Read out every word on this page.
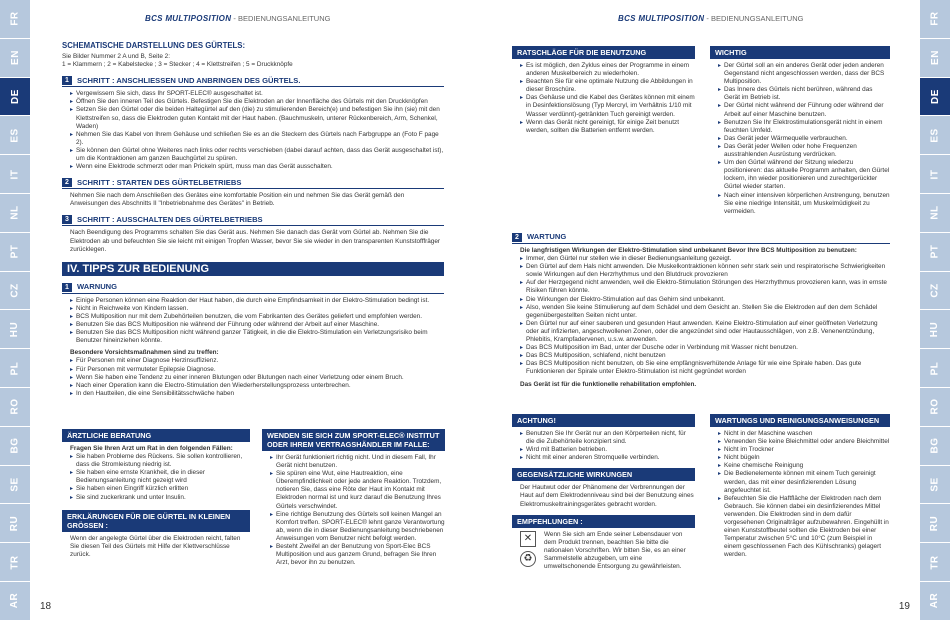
FR
EN
DE
ES
IT
NL
PT
CZ
HU
PL
RO
BG
SE
RU
TR
AR
FR
EN
DE
ES
IT
NL
PT
CZ
HU
PL
RO
BG
SE
RU
TR
AR
BCS MULTIPOSITION - BEDIENUNGSANLEITUNG	BCS MULTIPOSITION - BEDIENUNGSANLEITUNG
18	19
SCHEMATISCHE DARSTELLUNG DES GÜRTELS:
Sie Bilder Nummer 2 A und B, Seite 2:
1 = Klammern ; 2 = Kabelstecke ; 3 = Stecker ; 4 = Klettstreifen ; 5 = Druckknöpfe
1	SCHRITT : ANSCHLIESSEN UND ANBRINGEN DES GÜRTELS.
▸ Vergewissern Sie sich, dass Ihr SPORT-ELEC® ausgeschaltet ist.
▸ Öffnen Sie den inneren Teil des Gürtels. Befestigen Sie die Elektroden an der Innenfläche des Gürtels mit den Druckknöpfen
▸ Setzen Sie den Gürtel oder die beiden Haltegürtel auf den (die) zu stimulierenden Bereich(e) und befestigen Sie ihn (sie) mit den Klettstreifen so, dass die Elektroden guten Kontakt mit der Haut haben. (Bauchmuskeln, unterer Rückenbereich, Arm, Schenkel, Waden)
▸ Nehmen Sie das Kabel von Ihrem Gehäuse und schließen Sie es an die Steckern des Gürtels nach Farbgruppe an (Foto F page 2).
▸ Sie können den Gürtel ohne Weiteres nach links oder rechts verschieben (dabei darauf achten, dass das Gerät ausgeschaltet ist), um die Kontraktionen am ganzen Bauchgürtel zu spüren.
▸ Wenn eine Elektrode schmerzt oder man Prickeln spürt, muss man das Gerät ausschalten.
2	SCHRITT : STARTEN DES GÜRTELBETRIEBS
Nehmen Sie nach dem Anschließen des Gerätes eine komfortable Position ein und nehmen Sie das Gerät gemäß den Anweisungen des Abschnitts II "Inbetriebnahme des Gerätes" in Betrieb.
3	SCHRITT : AUSSCHALTEN DES GÜRTELBETRIEBS
Nach Beendigung des Programms schalten Sie das Gerät aus. Nehmen Sie danach das Gerät vom Gürtel ab. Nehmen Sie die Elektroden ab und befeuchten Sie sie leicht mit einigen Tropfen Wasser, bevor Sie sie wieder in den transparenten Kunststofffräger zurücklegen.
IV. TIPPS ZUR BEDIENUNG
1	WARNUNG
▸ Einige Personen können eine Reaktion der Haut haben, die durch eine Empfindsamkeit in der Elektro-Stimulation bedingt ist.
▸ Nicht in Reichweite von Kindern lassen.
▸ BCS Multiposition nur mit dem Zubehörteilen benutzen, die vom Fabrikanten des Gerätes geliefert und empfohlen werden.
▸ Benutzen Sie das BCS Multiposition nie während der Führung oder während der Arbeit auf einer Maschine.
▸ Benutzen Sie das BCS Multiposition nicht während ganzer Tätigkeit, in die die Elektro-Stimulation ein Verletzungsrisiko beim Benutzer hineinziehen könnte.
Besondere Vorsichtsmaßnahmen sind zu treffen:
▸ Für Personen mit einer Diagnose Herzinsuffizienz.
▸ Für Personen mit vermuteter Epilepsie Diagnose.
▸ Wenn Sie haben eine Tendenz zu einer inneren Blutungen oder Blutungen nach einer Verletzung oder einem Bruch.
▸ Nach einer Operation kann die Electro-Stimulation den Wiederherstellungsprozess unterbrechen.
▸ In den Hautteilen, die eine Sensibilitätsschwäche haben
ÄRZTLICHE BERATUNG
Fragen Sie Ihren Arzt um Rat in den folgenden Fällen:
▸ Sie haben Probleme des Rückens. Sie sollen kontrollieren, dass die Stromleistung niedrig ist.
▸ Sie haben eine ernste Krankheit, die in dieser Bedienungsanleitung nicht gezeigt wird
▸ Sie haben einen Eingriff kürzlich erlitten
▸ Sie sind zuckerkrank und unter Insulin.
ERKLÄRUNGEN FÜR DIE GÜRTEL IN KLEINEN GRÖSSEN :
Wenn der angelegte Gürtel über die Elektroden reicht, falten Sie diesen Teil des Gürtels mit Hilfe der Klettverschlüsse zurück.
WENDEN SIE SICH ZUM SPORT-ELEC® INSTITUT ODER IHREM VERTRAGSHÄNDLER IM FALLE:
▸ Ihr Gerät funktioniert richtig nicht. Und in diesem Fall, Ihr Gerät nicht benutzen.
▸ Sie spüren eine Wut, eine Hautreaktion, eine Überempfindlichkeit oder jede andere Reaktion. Trotzdem, notieren Sie, dass eine Röte der Haut im Kontakt mit Elektroden normal ist und kurz darauf die Benutzung Ihres Gürtels verschwindet.
▸ Eine richtige Benutzung des Gürtels soll keinen Mangel an Komfort treffen. SPORT-ELEC® lehnt ganze Verantwortung ab, wenn die in dieser Bedienungsanleitung beschriebenen Anweisungen vom Benutzer nicht befolgt werden.
▸ Besteht Zweifel an der Benutzung von Sport-Elec BCS Multiposition und aus ganzem Grund, befragen Sie Ihren Arzt, bevor ihn zu benutzen.
RATSCHLÄGE FÜR DIE BENUTZUNG
▸ Es ist möglich, den Zyklus eines der Programme in einem anderen Muskelbereich zu wiederholen.
▸ Beachten Sie für eine optimale Nutzung die Abbildungen in dieser Broschüre.
▸ Das Gehäuse und die Kabel des Gerätes können mit einem in Desinfektionslösung (Typ Mercryl, im Verhältnis 1/10 mit Wasser verdünnt)-getränkten Tuch gereinigt werden.
▸ Wenn das Gerät nicht gereinigt, für einige Zeit benutzt werden, sollten die Batterien entfernt werden.
WICHTIG
▸ Der Gürtel soll an ein anderes Gerät oder jeden anderen Gegenstand nicht angeschlossen werden, dass der BCS Multiposition.
▸ Das Innere des Gürtels nicht berühren, während das Gerät im Betrieb ist.
▸ Der Gürtel nicht während der Führung oder während der Arbeit auf einer Maschine benutzen.
▸ Benutzen Sie Ihr Elektrostimulationsgerät nicht in einem feuchten Umfeld.
▸ Das Gerät jeder Wärmequelle verbrauchen.
▸ Das Gerät jeder Wellen oder hohe Frequenzen ausstrahlenden Ausrüstung verdrücken.
▸ Um den Gürtel während der Sitzung wiederzu positionieren: das aktuelle Programm anhalten, den Gürtel lockern, ihn wieder positionieren und zurechtgerückter Gürtel wieder starten.
▸ Nach einer intensiven körperlichen Anstrengung, benutzen Sie eine niedrige Intensität, um Muskelmüdigkeit zu vermeiden.
2	WARTUNG
Die langfristigen Wirkungen der Elektro-Stimulation sind unbekannt Bevor Ihre BCS Multiposition zu benutzen:
▸ Immer, den Gürtel nur stellen wie in dieser Bedienungsanleitung gezeigt.
▸ Den Gürtel auf dem Hals nicht anwenden. Die Muskelkontraktionen können sehr stark sein und respiratorische Schwierigkeiten sowie Wirkungen auf den Herzrhythmus und den Blutdruck provozieren
▸ Auf der Herzgegend nicht anwenden, weil die Elektro-Stimulation Störungen des Herzrhythmus provozieren kann, was in ernste Risiken führen könnte.
▸ Die Wirkungen der Elektro-Stimulation auf das Gehirn sind unbekannt.
▸ Also, wenden Sie keine Stimulierung auf dem Schädel und dem Gesicht an. Stellen Sie die Elektroden auf den dem Schädel gegenübergestellten Seiten nicht unter.
▸ Den Gürtel nur auf einer sauberen und gesunden Haut anwenden. Keine Elektro-Stimulation auf einer geöffneten Verletzung oder auf infizierten, angeschwollenen Zonen, oder die angezündet sind oder Hautausschlägen, von z.B. Venenentzündung, Phlebitis, Krampfadervenen, u.s.w. anwenden.
▸ Das BCS Multiposition im Bad, unter der Dusche oder in Verbindung mit Wasser nicht benutzen.
▸ Das BCS Multiposition, schlafend, nicht benutzen
▸ Das BCS Multiposition nicht benutzen, ob Sie eine empfängnisverhütende Anlage für wie eine Spirale haben. Das gute Funktionieren der Spirale unter Elektro-Stimulation ist nicht gegründet worden
Das Gerät ist für die funktionelle rehabilitation empfohlen.
ACHTUNG!
▸ Benutzen Sie Ihr Gerät nur an den Körperteilen nicht, für die die Zubehörteile konzipiert sind.
▸ Wird mit Batterien betrieben.
▸ Nicht mit einer anderen Stromquelle verbinden.
GEGENSÄTZLICHE WIRKUNGEN
Der Hautwut oder der Phänomene der Verbrennungen der Haut auf dem Elektrodenniveau sind bei der Benutzung eines Elektromuskeltrainingsgerätes gebracht worden.
EMPFEHLUNGEN :
✕
♻
Wenn Sie sich am Ende seiner Lebensdauer von dem Produkt trennen, beachten Sie bitte die nationalen Vorschriften. Wir bitten Sie, es an einer Sammelstelle abzugeben, um eine umweltschonende Entsorgung zu gewährleisten.
WARTUNGS UND REINIGUNGSANWEISUNGEN
▸ Nicht in der Maschine waschen
▸ Verwenden Sie keine Bleichmittel oder andere Bleichmittel
▸ Nicht im Trockner
▸ Nicht bügeln
▸ Keine chemische Reinigung
▸ Die Bedienelemente können mit einem Tuch gereinigt werden, das mit einer desinfizierenden Lösung angefeuchtet ist.
▸ Befeuchten Sie die Haftfläche der Elektroden nach dem Gebrauch. Sie können dabei ein desinfizierendes Mittel verwenden. Die Elektroden sind in dem dafür vorgesehenen Originalträger aufzubewahren. Eingehüllt in einen Kunststoffbeutel sollten die Elektroden bei einer Temperatur zwischen 5°C und 10°C (zum Beispiel in einem geschlossenen Fach des Kühlschranks) gelagert werden.
